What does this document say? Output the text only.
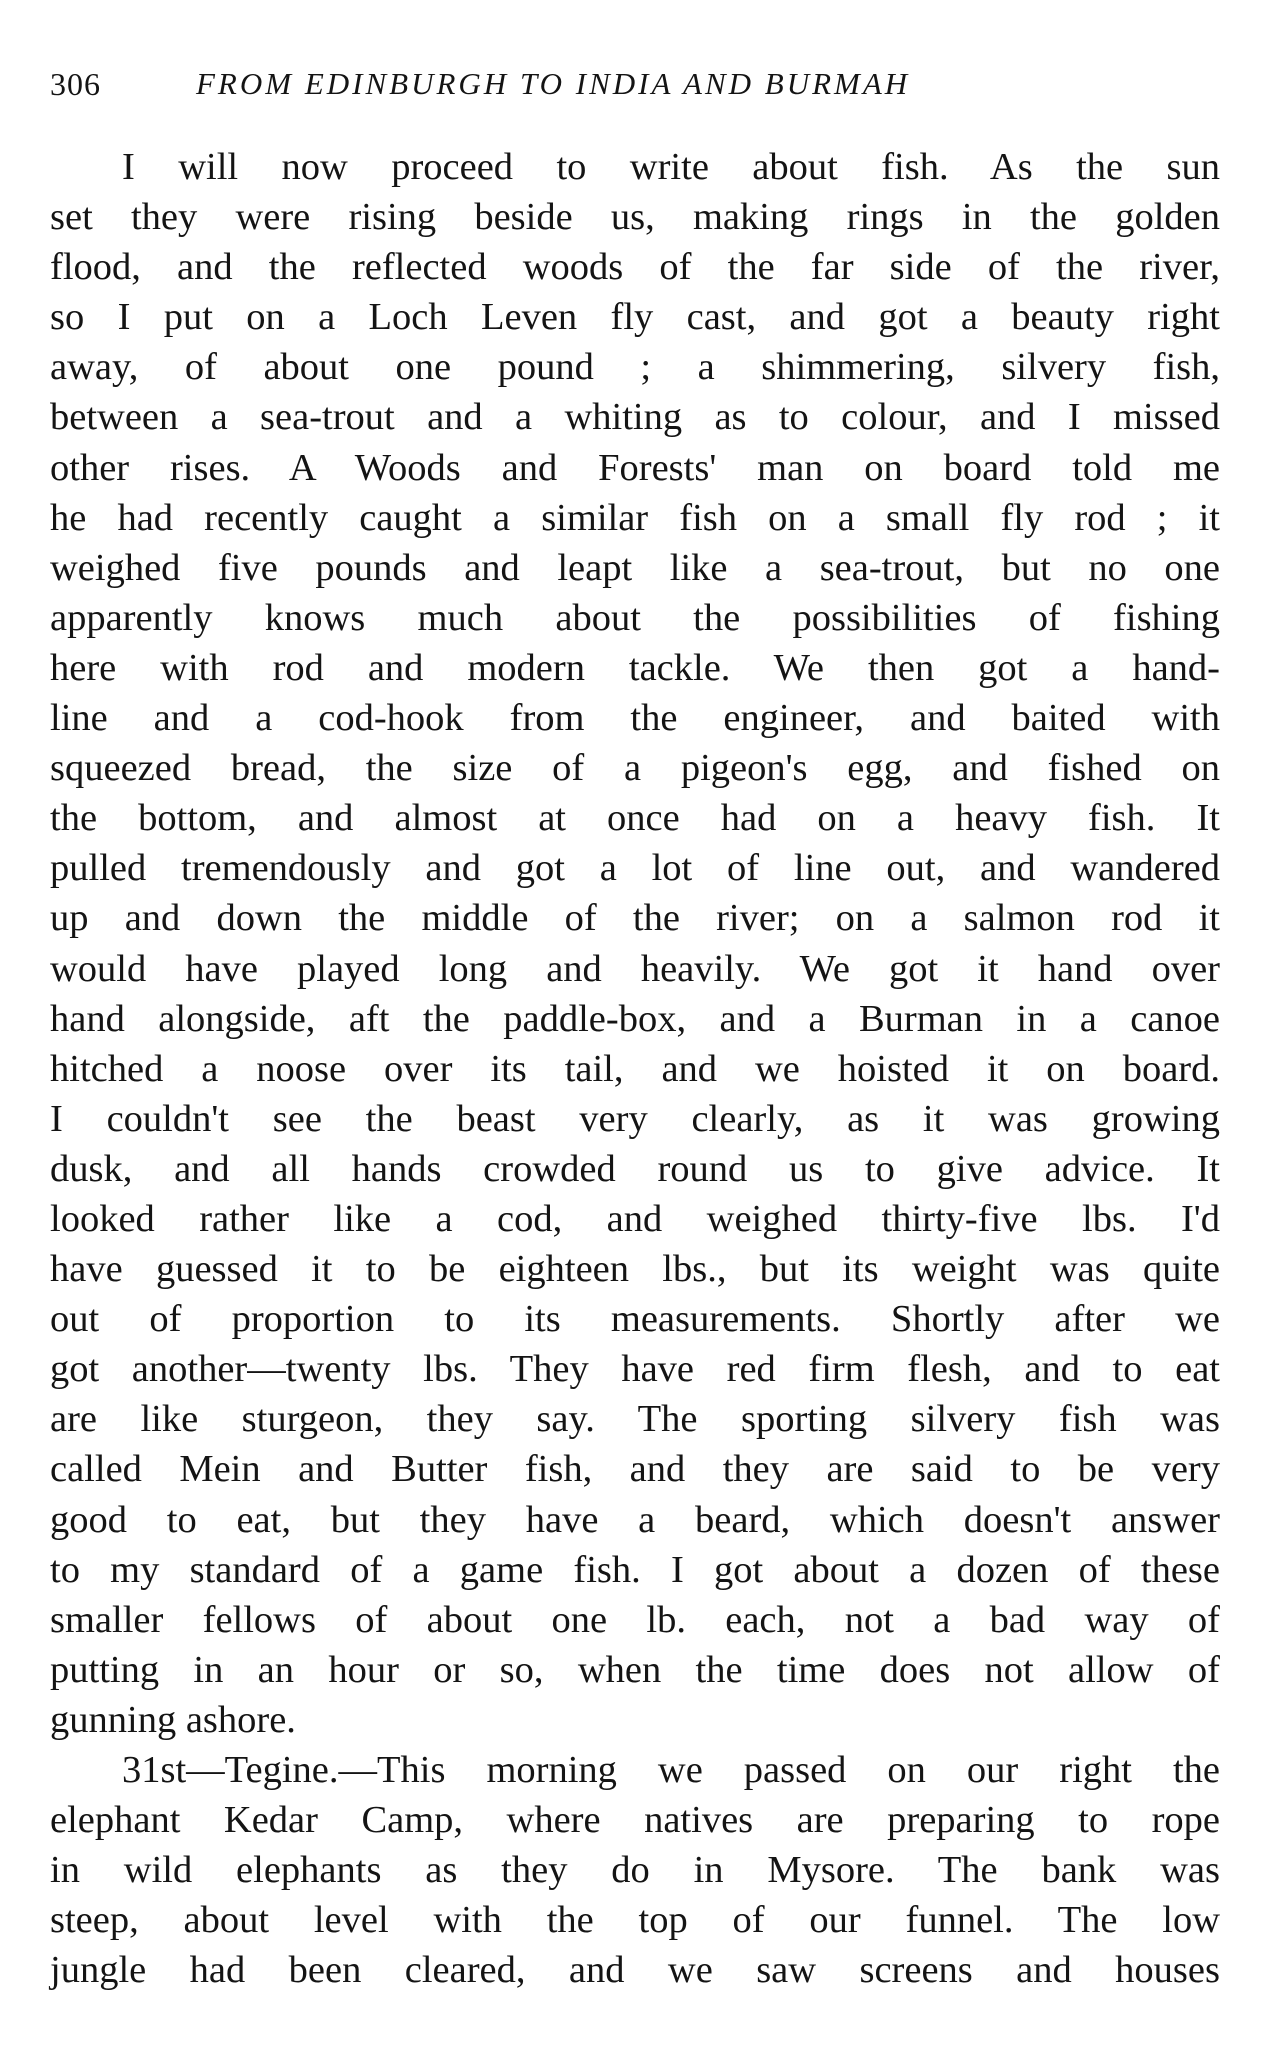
306	FROM EDINBURGH TO INDIA AND BURMAH
I will now proceed to write about fish. As the sun
set they were rising beside us, making rings in the golden
flood, and the reflected woods of the far side of the river,
so I put on a Loch Leven fly cast, and got a beauty right
away, of about one pound ; a shimmering, silvery fish,
between a sea-trout and a whiting as to colour, and I missed
other rises. A Woods and Forests' man on board told me
he had recently caught a similar fish on a small fly rod ; it
weighed five pounds and leapt like a sea-trout, but no one
apparently knows much about the possibilities of fishing
here with rod and modern tackle. We then got a hand-
line and a cod-hook from the engineer, and baited with
squeezed bread, the size of a pigeon's egg, and fished on
the bottom, and almost at once had on a heavy fish. It
pulled tremendously and got a lot of line out, and wandered
up and down the middle of the river; on a salmon rod it
would have played long and heavily. We got it hand over
hand alongside, aft the paddle-box, and a Burman in a canoe
hitched a noose over its tail, and we hoisted it on board.
I couldn't see the beast very clearly, as it was growing
dusk, and all hands crowded round us to give advice. It
looked rather like a cod, and weighed thirty-five lbs. I'd
have guessed it to be eighteen lbs., but its weight was quite
out of proportion to its measurements. Shortly after we
got another—twenty lbs. They have red firm flesh, and to eat
are like sturgeon, they say. The sporting silvery fish was
called Mein and Butter fish, and they are said to be very
good to eat, but they have a beard, which doesn't answer
to my standard of a game fish. I got about a dozen of these
smaller fellows of about one lb. each, not a bad way of
putting in an hour or so, when the time does not allow of
gunning ashore.
31st—Tegine.—This morning we passed on our right the
elephant Kedar Camp, where natives are preparing to rope
in wild elephants as they do in Mysore. The bank was
steep, about level with the top of our funnel. The low
jungle had been cleared, and we saw screens and houses
